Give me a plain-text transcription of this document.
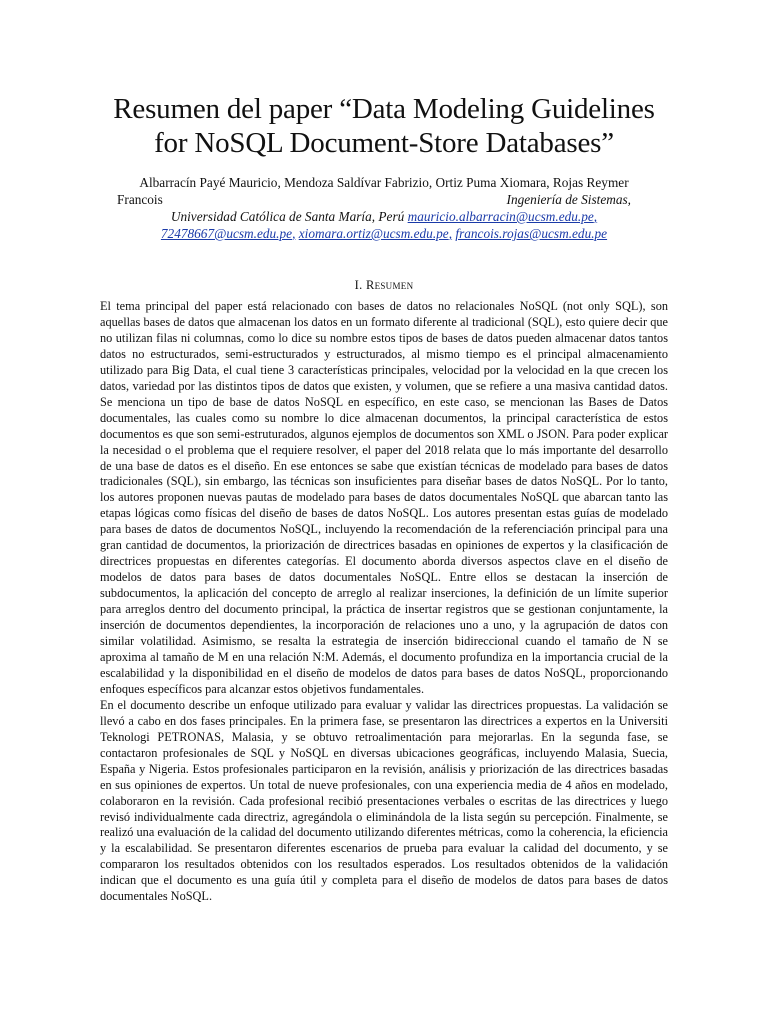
Resumen del paper “Data Modeling Guidelines
for NoSQL Document-Store Databases”
Albarracín Payé Mauricio, Mendoza Saldívar Fabrizio, Ortiz Puma Xiomara, Rojas Reymer
Francois	Ingeniería de Sistemas,
Universidad Católica de Santa María, Perú mauricio.albarracin@ucsm.edu.pe,
72478667@ucsm.edu.pe, xiomara.ortiz@ucsm.edu.pe, francois.rojas@ucsm.edu.pe
I. Resumen

El tema principal del paper está relacionado con bases de datos no relacionales NoSQL (not only SQL), son aquellas bases de datos que almacenan los datos en un formato diferente al tradicional (SQL), esto quiere decir que no utilizan filas ni columnas, como lo dice su nombre estos tipos de bases de datos pueden almacenar datos tantos datos no estructurados, semi-estructurados y estructurados, al mismo tiempo es el principal almacenamiento utilizado para Big Data, el cual tiene 3 características principales, velocidad por la velocidad en la que crecen los datos, variedad por las distintos tipos de datos que existen, y volumen, que se refiere a una masiva cantidad datos. Se menciona un tipo de base de datos NoSQL en específico, en este caso, se mencionan las Bases de Datos documentales, las cuales como su nombre lo dice almacenan documentos, la principal característica de estos documentos es que son semi-estruturados, algunos ejemplos de documentos son XML o JSON. Para poder explicar la necesidad o el problema que el requiere resolver, el paper del 2018 relata que lo más importante del desarrollo de una base de datos es el diseño. En ese entonces se sabe que existían técnicas de modelado para bases de datos tradicionales (SQL), sin embargo, las técnicas son insuficientes para diseñar bases de datos NoSQL. Por lo tanto, los autores proponen nuevas pautas de modelado para bases de datos documentales NoSQL que abarcan tanto las etapas lógicas como físicas del diseño de bases de datos NoSQL. Los autores presentan estas guías de modelado para bases de datos de documentos NoSQL, incluyendo la recomendación de la referenciación principal para una gran cantidad de documentos, la priorización de directrices basadas en opiniones de expertos y la clasificación de directrices propuestas en diferentes categorías. El documento aborda diversos aspectos clave en el diseño de modelos de datos para bases de datos documentales NoSQL. Entre ellos se destacan la inserción de subdocumentos, la aplicación del concepto de arreglo al realizar inserciones, la definición de un límite superior para arreglos dentro del documento principal, la práctica de insertar registros que se gestionan conjuntamente, la inserción de documentos dependientes, la incorporación de relaciones uno a uno, y la agrupación de datos con similar volatilidad. Asimismo, se resalta la estrategia de inserción bidireccional cuando el tamaño de N se aproxima al tamaño de M en una relación N:M. Además, el documento profundiza en la importancia crucial de la escalabilidad y la disponibilidad en el diseño de modelos de datos para bases de datos NoSQL, proporcionando enfoques específicos para alcanzar estos objetivos fundamentales.

En el documento describe un enfoque utilizado para evaluar y validar las directrices propuestas. La validación se llevó a cabo en dos fases principales. En la primera fase, se presentaron las directrices a expertos en la Universiti Teknologi PETRONAS, Malasia, y se obtuvo retroalimentación para mejorarlas. En la segunda fase, se contactaron profesionales de SQL y NoSQL en diversas ubicaciones geográficas, incluyendo Malasia, Suecia, España y Nigeria. Estos profesionales participaron en la revisión, análisis y priorización de las directrices basadas en sus opiniones de expertos. Un total de nueve profesionales, con una experiencia media de 4 años en modelado, colaboraron en la revisión. Cada profesional recibió presentaciones verbales o escritas de las directrices y luego revisó individualmente cada directriz, agregándola o eliminándola de la lista según su percepción. Finalmente, se realizó una evaluación de la calidad del documento utilizando diferentes métricas, como la coherencia, la eficiencia y la escalabilidad. Se presentaron diferentes escenarios de prueba para evaluar la calidad del documento, y se compararon los resultados obtenidos con los resultados esperados. Los resultados obtenidos de la validación indican que el documento es una guía útil y completa para el diseño de modelos de datos para bases de datos documentales NoSQL.
